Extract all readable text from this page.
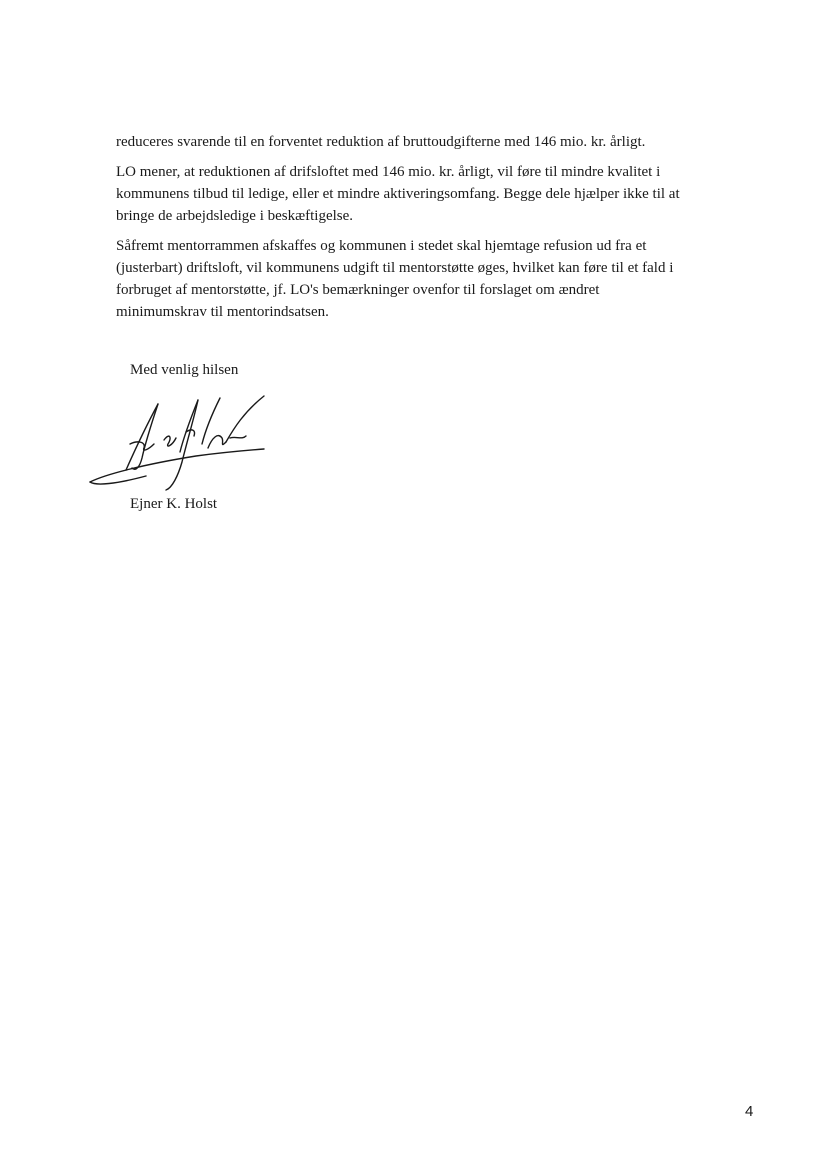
reduceres svarende til en forventet reduktion af bruttoudgifterne med 146 mio. kr. årligt.

LO mener, at reduktionen af drifsloftet med 146 mio. kr. årligt, vil føre til mindre kvalitet i kommunens tilbud til ledige, eller et mindre aktiveringsomfang. Begge dele hjælper ikke til at bringe de arbejdsledige i beskæftigelse.

Såfremt mentorrammen afskaffes og kommunen i stedet skal hjemtage refusion ud fra et (justerbart) driftsloft, vil kommunens udgift til mentorstøtte øges, hvilket kan føre til et fald i forbruget af mentorstøtte, jf. LO's bemærkninger ovenfor til forslaget om ændret minimumskrav til mentorindsatsen.

Med venlig hilsen
Ejner K. Holst
4
